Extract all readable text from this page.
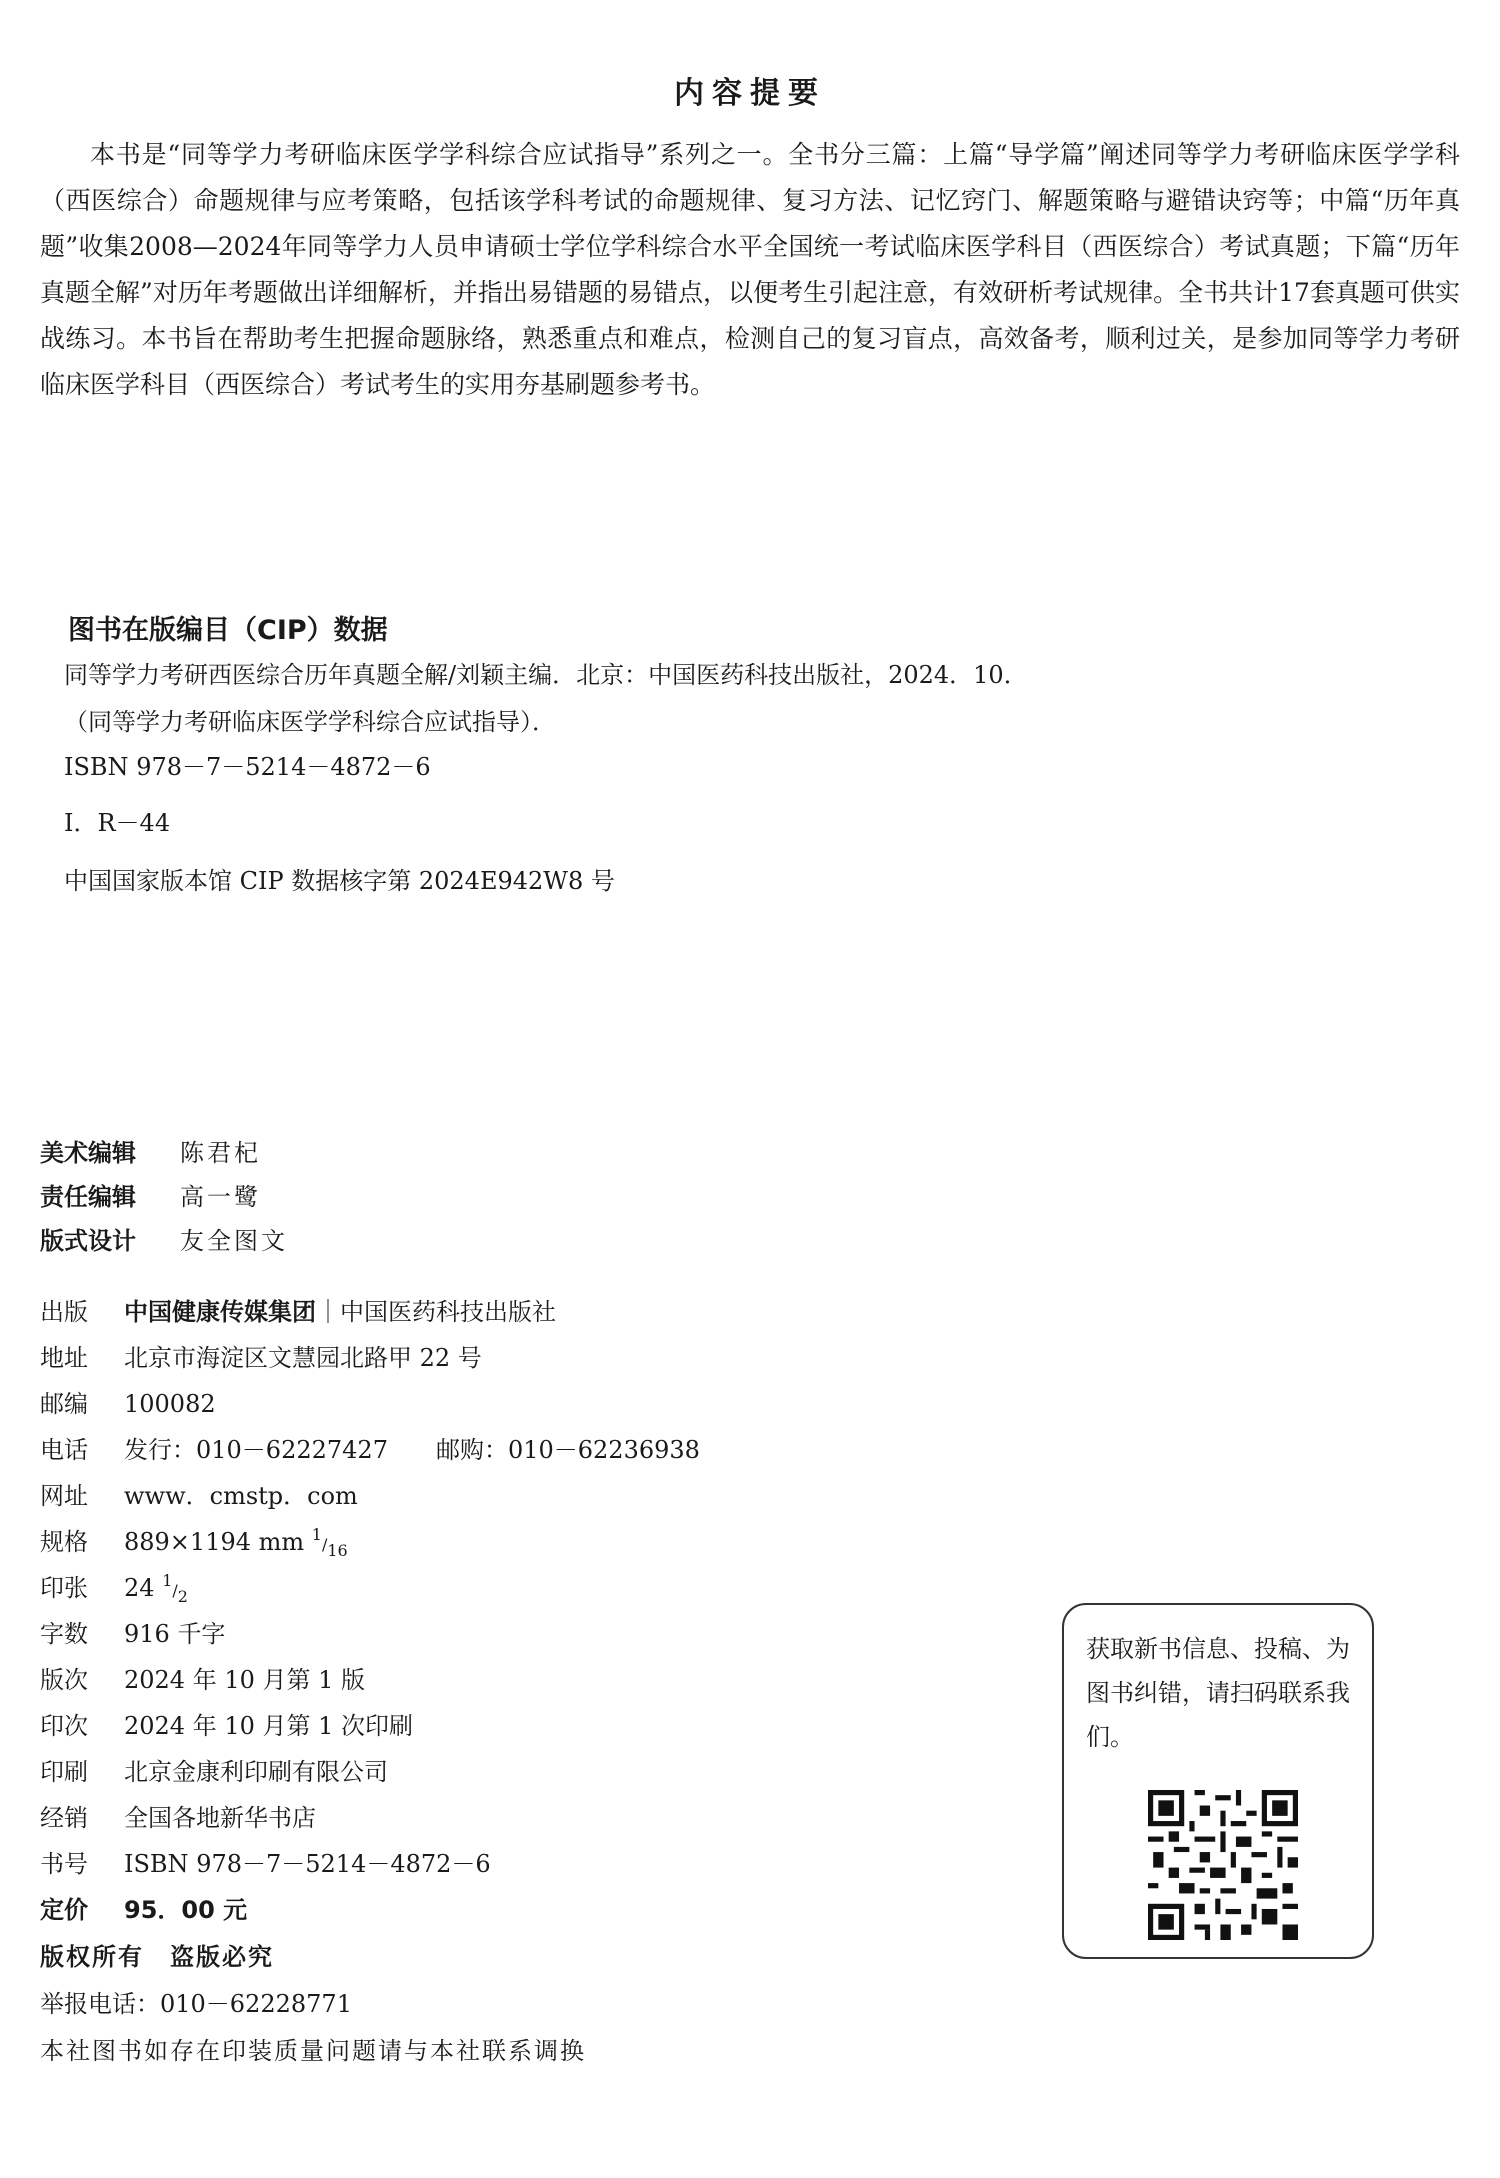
内容提要

本书是“同等学力考研临床医学学科综合应试指导”系列之一。全书分三篇：上篇“导学篇”阐述同等学力考研临床医学学科（西医综合）命题规律与应考策略，包括该学科考试的命题规律、复习方法、记忆窍门、解题策略与避错诀窍等；中篇“历年真题”收集2008—2024年同等学力人员申请硕士学位学科综合水平全国统一考试临床医学科目（西医综合）考试真题；下篇“历年真题全解”对历年考题做出详细解析，并指出易错题的易错点，以便考生引起注意，有效研析考试规律。全书共计17套真题可供实战练习。本书旨在帮助考生把握命题脉络，熟悉重点和难点，检测自己的复习盲点，高效备考，顺利过关，是参加同等学力考研临床医学科目（西医综合）考试考生的实用夯基刷题参考书。

图书在版编目（CIP）数据
同等学力考研西医综合历年真题全解/刘颖主编．北京：中国医药科技出版社，2024．10．
（同等学力考研临床医学学科综合应试指导）．
ISBN 978－7－5214－4872－6
Ⅰ．R－44
中国国家版本馆 CIP 数据核字第 2024E942W8 号
美术编辑 陈君杞
责任编辑 高一鹭
版式设计 友全图文
出版 中国健康传媒集团｜中国医药科技出版社
地址 北京市海淀区文慧园北路甲 22 号
邮编 100082
电话 发行：010－62227427　　邮购：010－62236938
网址 www．cmstp．com
规格 889×1194 mm 1/16
印张 24 1/2
字数 916 千字
版次 2024 年 10 月第 1 版
印次 2024 年 10 月第 1 次印刷
印刷 北京金康利印刷有限公司
经销 全国各地新华书店
书号 ISBN 978－7－5214－4872－6
定价 95．00 元
版权所有　盗版必究
举报电话：010－62228771
本社图书如存在印装质量问题请与本社联系调换
获取新书信息、投稿、为图书纠错，请扫码联系我们。
